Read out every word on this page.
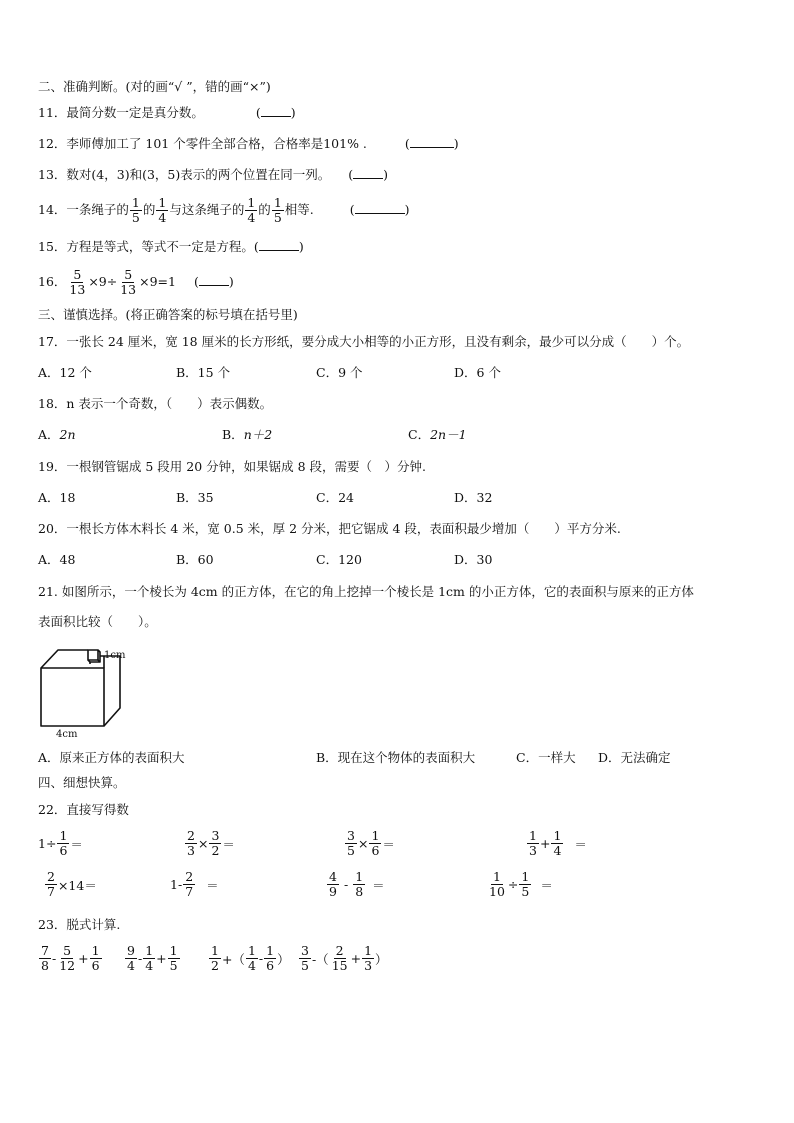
二、准确判断。(对的画“√ ”，错的画“×”)
11．最简分数一定是真分数。	( )
12．李师傅加工了 101 个零件全部合格，合格率是101% .	(	)
13．数对(4，3)和(3，5)表示的两个位置在同一列。 ( )
14．一条绳子的 $\frac{1}{5}$ 的 $\frac{1}{4}$ 与这条绳子的 $\frac{1}{4}$ 的 $\frac{1}{5}$ 相等.	(	)
15．方程是等式，等式不一定是方程。(	)
16． $\frac{5}{13} \times 9\div \frac{5}{13} \times 9=1$ ( )
三、谨慎选择。(将正确答案的标号填在括号里)
17．一张长 24 厘米，宽 18 厘米的长方形纸，要分成大小相等的小正方形，且没有剩余，最少可以分成（　　）个。
A．12 个	B．15 个	C．9 个	D．6 个
18．n 表示一个奇数，（　　）表示偶数。
A．2n	B．n＋2	C．2n－1
19．一根钢管锯成 5 段用 20 分钟，如果锯成 8 段，需要（　）分钟.
A．18	B．35	C．24	D．32
20．一根长方体木料长 4 米，宽 0.5 米，厚 2 分米，把它锯成 4 段，表面积最少增加（　　）平方分米.
A．48	B．60	C．120	D．30
21. 如图所示，一个棱长为 4cm 的正方体，在它的角上挖掉一个棱长是 1cm 的小正方体，它的表面积与原来的正方体
表面积比较（　　）。
1cm
4cm
A．原来正方体的表面积大	B．现在这个物体的表面积大	C．一样大 D．无法确定
四、细想快算。
22．直接写得数
$1\div \frac{1}{6}$ ＝	$\frac{2}{3} \times \frac{3}{2}$ ＝	$\frac{3}{5} \times \frac{1}{6}$ ＝	$\frac{1}{3} + \frac{1}{4}$ ＝
$\frac{2}{7} \times 14=$	$1- \frac{2}{7}$ ＝	$\frac{4}{9} - \frac{1}{8}$ ＝	$\frac{1}{10} \div \frac{1}{5}$ ＝
23．脱式计算.
$\frac{7}{8} - \frac{5}{12} + \frac{1}{6} \frac{9}{4} - \frac{1}{4} + \frac{1}{5} \frac{1}{2}$ +（ $\frac{1}{4} - \frac{1}{6}$ ） $\frac{3}{5}$ -（ $\frac{2}{15} + \frac{1}{3}$ ）
